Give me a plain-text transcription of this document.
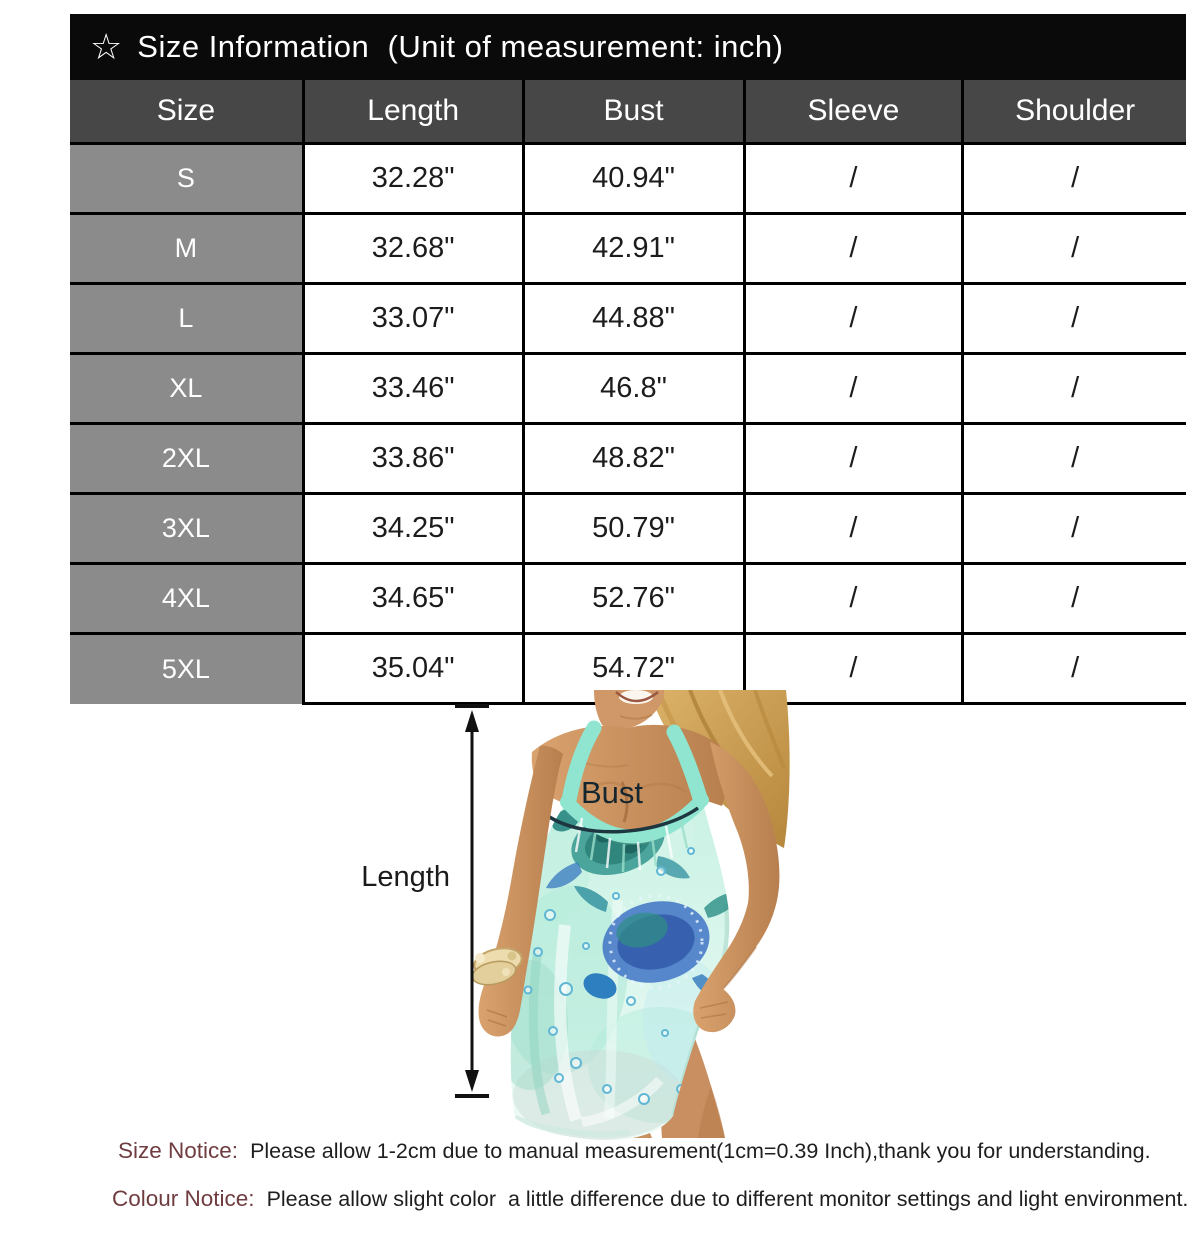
☆ Size Information  (Unit of measurement: inch)
Size	Length	Bust	Sleeve	Shoulder
S	32.28"	40.94"	/	/
M	32.68"	42.91"	/	/
L	33.07"	44.88"	/	/
XL	33.46"	46.8"	/	/
2XL	33.86"	48.82"	/	/
3XL	34.25"	50.79"	/	/
4XL	34.65"	52.76"	/	/
5XL	35.04"	54.72"	/	/
Bust
Length
Size Notice: Please allow 1-2cm due to manual measurement(1cm=0.39 Inch),thank you for understanding.
Colour Notice: Please allow slight color  a little difference due to different monitor settings and light environment.
